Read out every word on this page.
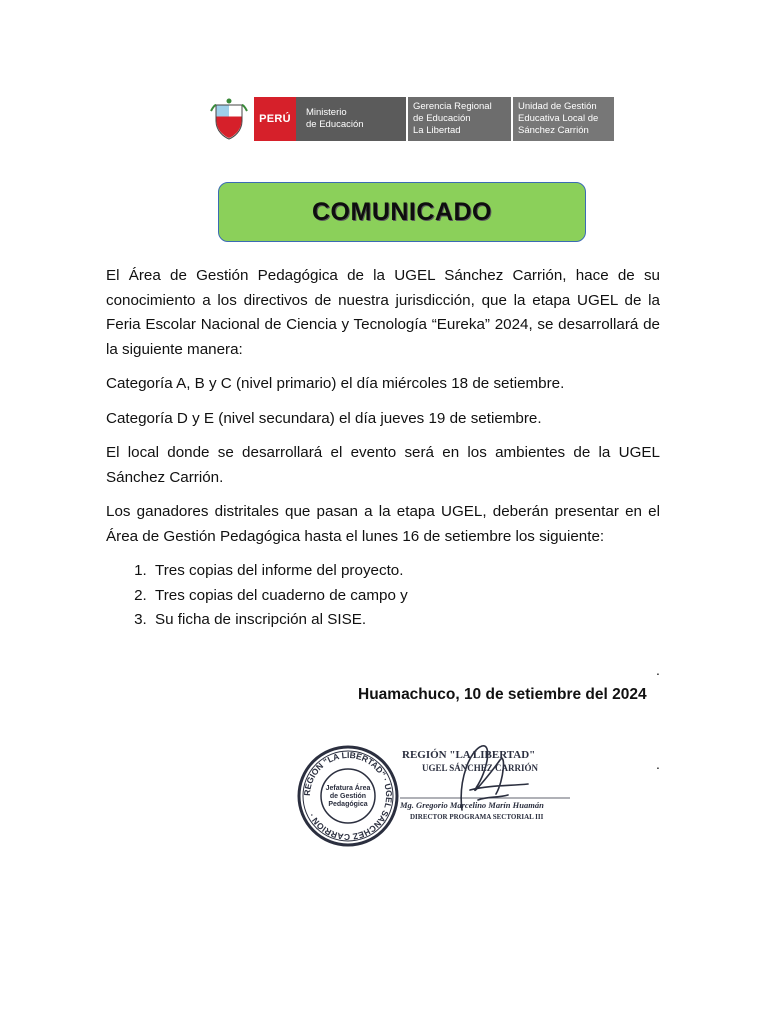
PERÚ
Ministerio
de Educación
Gerencia Regional
de Educación
La Libertad
Unidad de Gestión
Educativa Local de
Sánchez Carrión
COMUNICADO

El Área de Gestión Pedagógica de la UGEL Sánchez Carrión, hace de su conocimiento a los directivos de nuestra jurisdicción, que la etapa UGEL de la Feria Escolar Nacional de Ciencia y Tecnología “Eureka” 2024, se desarrollará de la siguiente manera:

Categoría A, B y C (nivel primario) el día miércoles 18 de setiembre.

Categoría D y E (nivel secundara) el día jueves 19 de setiembre.

El local donde se desarrollará el evento será en los ambientes de la UGEL Sánchez Carrión.

Los ganadores distritales que pasan a la etapa UGEL, deberán presentar en el Área de Gestión Pedagógica hasta el lunes 16 de setiembre los siguiente:

1. Tres copias del informe del proyecto.
2. Tres copias del cuaderno de campo y
3. Su ficha de inscripción al SISE.
.
Huamachuco, 10 de setiembre del 2024
.
REGIÓN "LA LIBERTAD" · UGEL SÁNCHEZ CARRIÓN ·
Jefatura Área
de Gestión
Pedagógica
REGIÓN "LA LIBERTAD"
UGEL SÁNCHEZ CARRIÓN
Mg. Gregorio Marcelino Marín Huamán
DIRECTOR PROGRAMA SECTORIAL III
